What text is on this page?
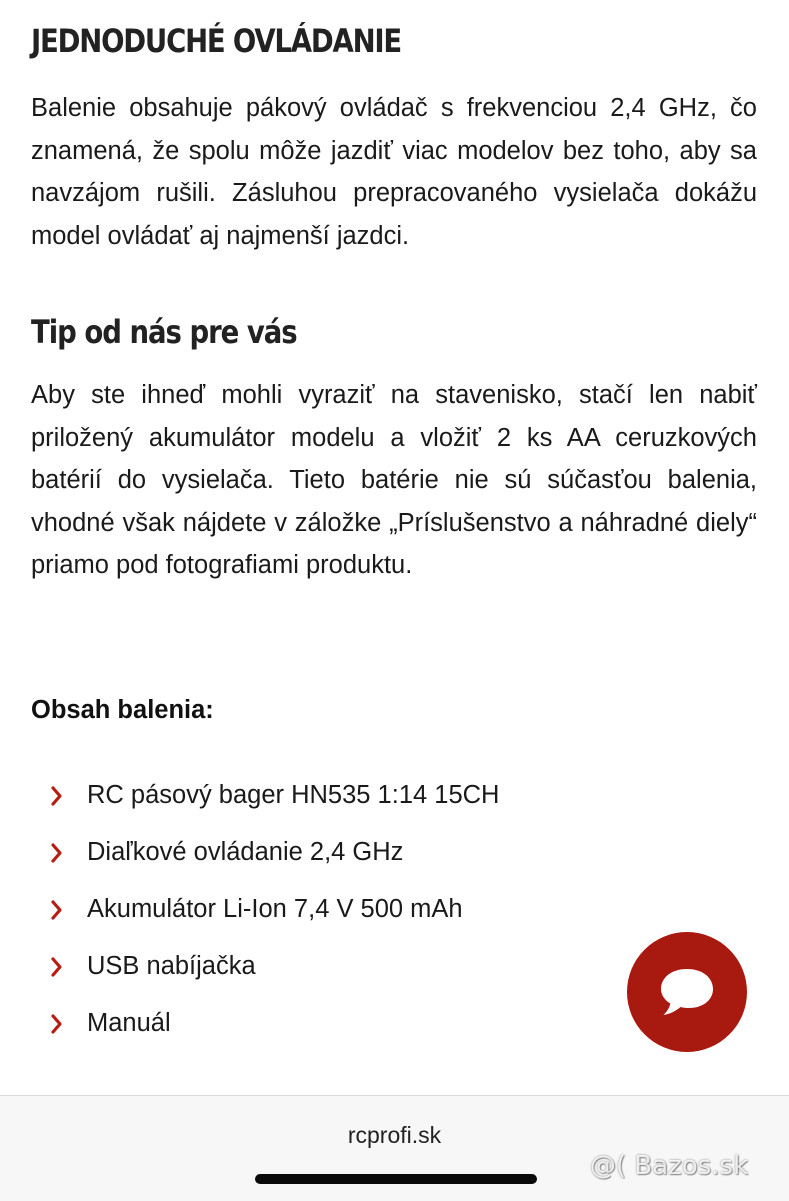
JEDNODUCHÉ OVLÁDANIE

Balenie obsahuje pákový ovládač s frekvenciou 2,4 GHz, čo znamená, že spolu môže jazdiť viac modelov bez toho, aby sa navzájom rušili. Zásluhou prepracovaného vysielača dokážu model ovládať aj najmenší jazdci.

Tip od nás pre vás

Aby ste ihneď mohli vyraziť na stavenisko, stačí len nabiť priložený akumulátor modelu a vložiť 2 ks AA ceruzkových batérií do vysielača. Tieto batérie nie sú súčasťou balenia, vhodné však nájdete v záložke „Príslušenstvo a náhradné diely“ priamo pod fotografiami produktu.

Obsah balenia:
RC pásový bager HN535 1:14 15CH
Diaľkové ovládanie 2,4 GHz
Akumulátor Li-Ion 7,4 V 500 mAh
USB nabíjačka
Manuál
rcprofi.sk
@( Bazos.sk
